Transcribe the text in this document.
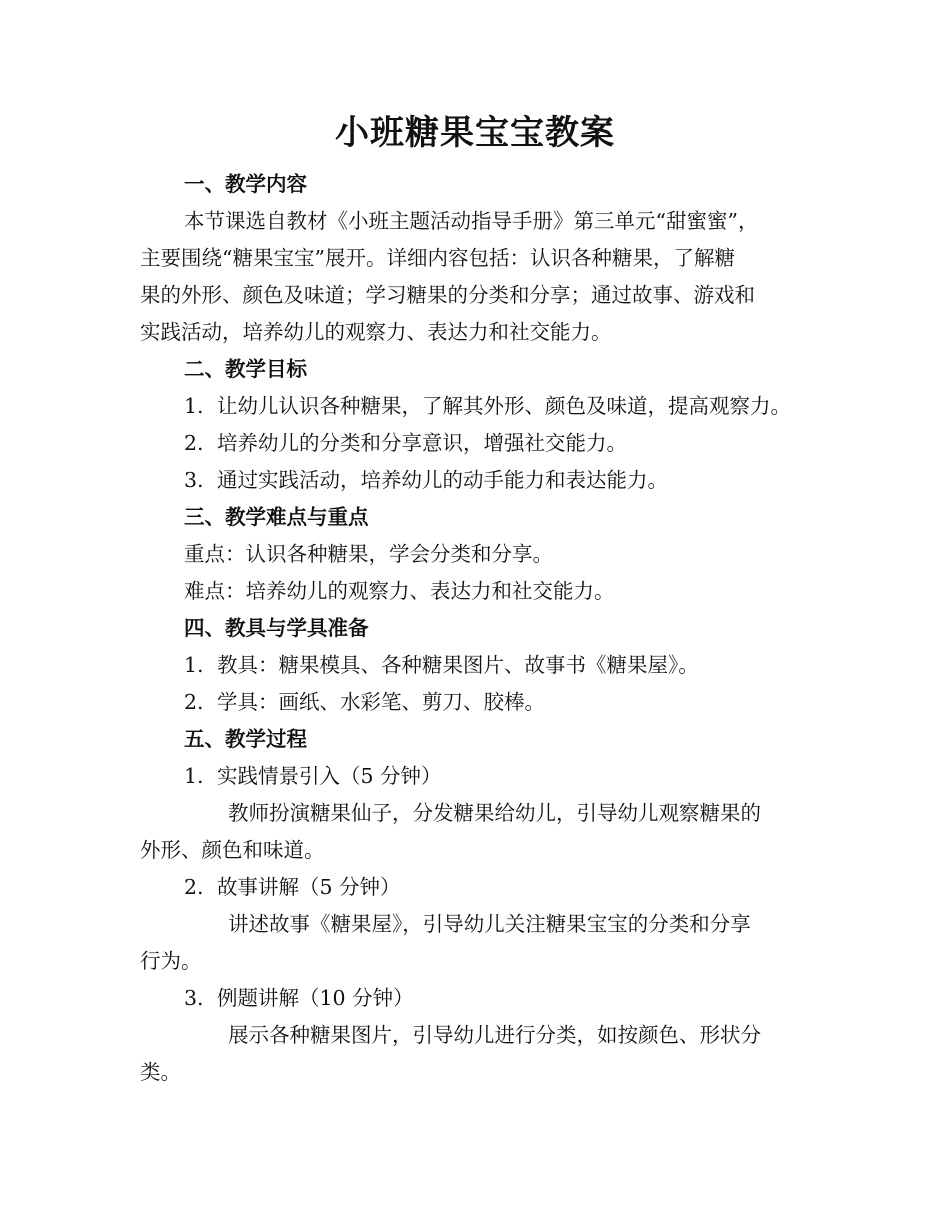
小班糖果宝宝教案
一、教学内容
本节课选自教材《小班主题活动指导手册》第三单元“甜蜜蜜”，
主要围绕“糖果宝宝”展开。详细内容包括：认识各种糖果，了解糖
果的外形、颜色及味道；学习糖果的分类和分享；通过故事、游戏和
实践活动，培养幼儿的观察力、表达力和社交能力。
二、教学目标
1. 让幼儿认识各种糖果，了解其外形、颜色及味道，提高观察力。
2. 培养幼儿的分类和分享意识，增强社交能力。
3. 通过实践活动，培养幼儿的动手能力和表达能力。
三、教学难点与重点
重点：认识各种糖果，学会分类和分享。
难点：培养幼儿的观察力、表达力和社交能力。
四、教具与学具准备
1. 教具：糖果模具、各种糖果图片、故事书《糖果屋》。
2. 学具：画纸、水彩笔、剪刀、胶棒。
五、教学过程
1. 实践情景引入（5 分钟）
教师扮演糖果仙子，分发糖果给幼儿，引导幼儿观察糖果的
外形、颜色和味道。
2. 故事讲解（5 分钟）
讲述故事《糖果屋》，引导幼儿关注糖果宝宝的分类和分享
行为。
3. 例题讲解（10 分钟）
展示各种糖果图片，引导幼儿进行分类，如按颜色、形状分
类。
